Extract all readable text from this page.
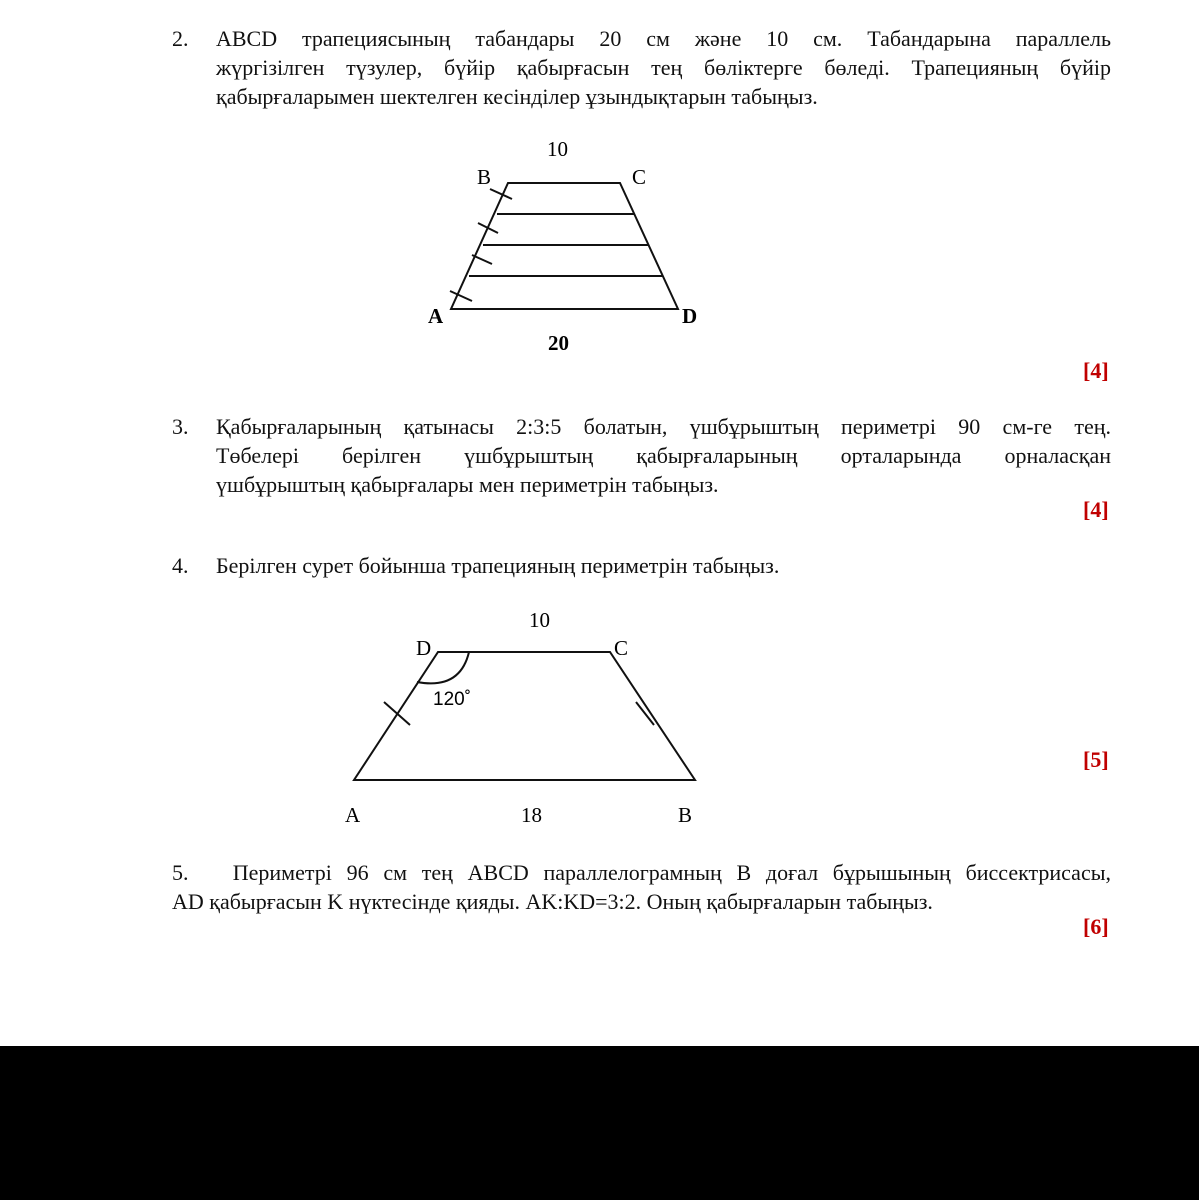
2. ABCD трапециясының табандары 20 см және 10 см. Табандарына параллель
жүргізілген түзулер, бүйір қабырғасын тең бөліктерге бөледі. Трапецияның бүйір
қабырғаларымен шектелген кесінділер ұзындықтарын табыңыз.
10
20
B	C
A	D
[4]
3. Қабырғаларының қатынасы 2:3:5 болатын, үшбұрыштың периметрі 90 см-ге тең.
Төбелері берілген үшбұрыштың қабырғаларының орталарында орналасқан
үшбұрыштың қабырғалары мен периметрін табыңыз.
[4]
4. Берілген сурет бойынша трапецияның периметрін табыңыз.
10
18
120˚
D	C
A	B
[5]
5. Периметрі 96 см тең ABCD параллелограмның B доғал бұрышының биссектрисасы,
AD қабырғасын K нүктесінде қияды. AK:KD=3:2. Оның қабырғаларын табыңыз.
[6]
